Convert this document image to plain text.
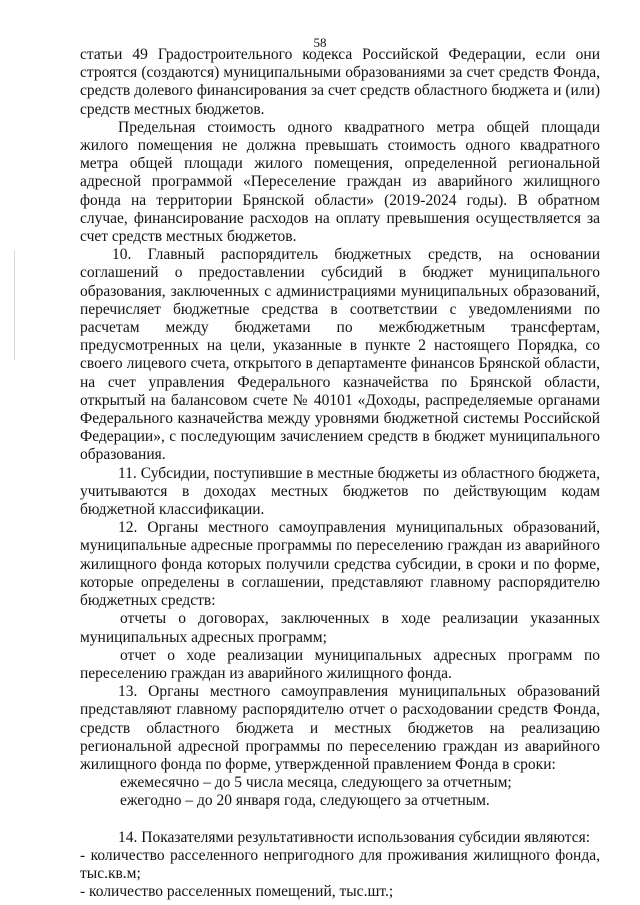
58

статьи 49 Градостроительного кодекса Российской Федерации, если они строятся (создаются) муниципальными образованиями за счет средств Фонда, средств долевого финансирования за счет средств областного бюджета и (или) средств местных бюджетов.

Предельная стоимость одного квадратного метра общей площади жилого помещения не должна превышать стоимость одного квадратного метра общей площади жилого помещения, определенной региональной адресной программой «Переселение граждан из аварийного жилищного фонда на территории Брянской области» (2019-2024 годы). В обратном случае, финансирование расходов на оплату превышения осуществляется за счет средств местных бюджетов.

10. Главный распорядитель бюджетных средств, на основании соглашений о предоставлении субсидий в бюджет муниципального образования, заключенных с администрациями муниципальных образований, перечисляет бюджетные средства в соответствии с уведомлениями по расчетам между бюджетами по межбюджетным трансфертам, предусмотренных на цели, указанные в пункте 2 настоящего Порядка, со своего лицевого счета, открытого в департаменте финансов Брянской области, на счет управления Федерального казначейства по Брянской области, открытый на балансовом счете № 40101 «Доходы, распределяемые органами Федерального казначейства между уровнями бюджетной системы Российской Федерации», с последующим зачислением средств в бюджет муниципального образования.

11. Субсидии, поступившие в местные бюджеты из областного бюджета, учитываются в доходах местных бюджетов по действующим кодам бюджетной классификации.

12. Органы местного самоуправления муниципальных образований, муниципальные адресные программы по переселению граждан из аварийного жилищного фонда которых получили средства субсидии, в сроки и по форме, которые определены в соглашении, представляют главному распорядителю бюджетных средств:

отчеты о договорах, заключенных в ходе реализации указанных муниципальных адресных программ;

отчет о ходе реализации муниципальных адресных программ по переселению граждан из аварийного жилищного фонда.

13. Органы местного самоуправления муниципальных образований представляют главному распорядителю отчет о расходовании средств Фонда, средств областного бюджета и местных бюджетов на реализацию региональной адресной программы по переселению граждан из аварийного жилищного фонда по форме, утвержденной правлением Фонда в сроки:

ежемесячно – до 5 числа месяца, следующего за отчетным;

ежегодно – до 20 января года, следующего за отчетным.

14. Показателями результативности использования субсидии являются:

- количество расселенного непригодного для проживания жилищного фонда, тыс.кв.м;

- количество расселенных помещений, тыс.шт.;
